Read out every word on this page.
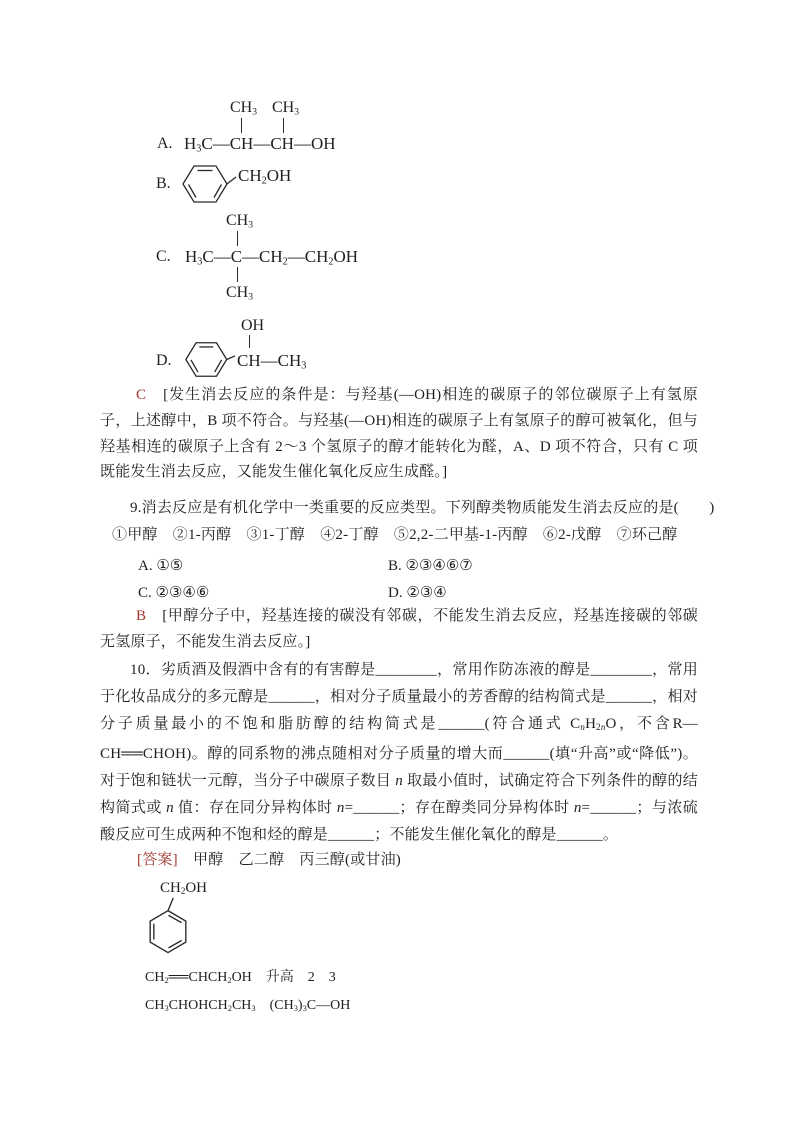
$CH_3$ $CH_3$
A. $H_3C—CH—CH—OH$
B.	$CH_2OH$
$CH_3$
C. $H_3C—C—CH_2—CH_2OH$
$CH_3$
OH
D.	$CH—CH_3$
C　[发生消去反应的条件是：与羟基(—OH)相连的碳原子的邻位碳原子上有氢原子，上述醇中，B 项不符合。与羟基(—OH)相连的碳原子上有氢原子的醇可被氧化，但与羟基相连的碳原子上含有 2～3 个氢原子的醇才能转化为醛，A、D 项不符合，只有 C 项既能发生消去反应，又能发生催化氧化反应生成醛。]
9.消去反应是有机化学中一类重要的反应类型。下列醇类物质能发生消去反应的是(　　)
①甲醇　②1-丙醇　③1-丁醇　④2-丁醇　⑤2,2-二甲基-1-丙醇　⑥2-戊醇　⑦环己醇
A. ①⑤	B. ②③④⑥⑦
C. ②③④⑥	D. ②③④
B　[甲醇分子中，羟基连接的碳没有邻碳，不能发生消去反应，羟基连接碳的邻碳无氢原子，不能发生消去反应。]
10．劣质酒及假酒中含有的有害醇是________，常用作防冻液的醇是________，常用于化妆品成分的多元醇是______，相对分子质量最小的芳香醇的结构简式是______，相对分子质量最小的不饱和脂肪醇的结构简式是______(符合通式 $C_nH_{2n}O$，不含R—CH══CHOH)。醇的同系物的沸点随相对分子质量的增大而______(填“升高”或“降低”)。对于饱和链状一元醇，当分子中碳原子数目 n 取最小值时，试确定符合下列条件的醇的结构简式或 n 值：存在同分异构体时 n=______；存在醇类同分异构体时 n=______；与浓硫酸反应可生成两种不饱和烃的醇是______；不能发生催化氧化的醇是______。
[答案]　甲醇　乙二醇　丙三醇(或甘油)
$CH_2OH$
$CH_2══CHCH_2OH$　升高　2　3
$CH_3CHOHCH_2CH_3$　$(CH_3)_3C—OH$
